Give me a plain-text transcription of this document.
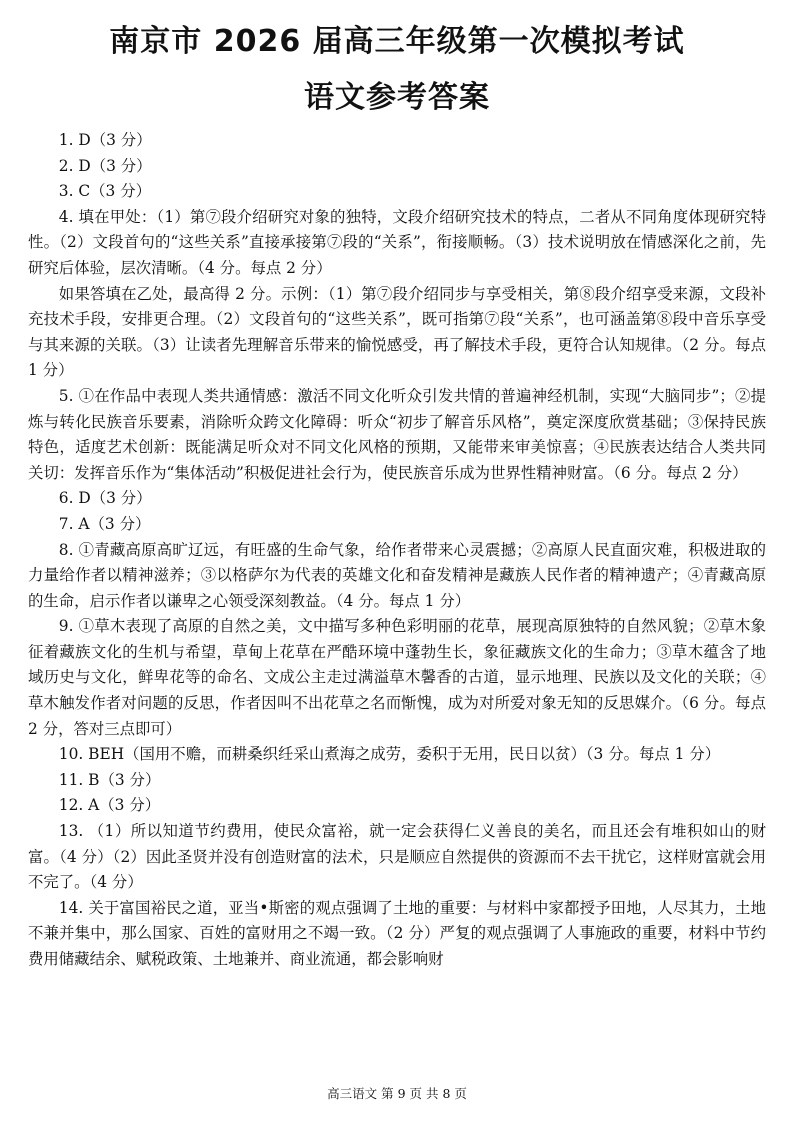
南京市 2026 届高三年级第一次模拟考试
语文参考答案

1. D（3 分）

2. D（3 分）

3. C（3 分）

4. 填在甲处：（1）第⑦段介绍研究对象的独特，文段介绍研究技术的特点，二者从不同角度体现研究特性。（2）文段首句的“这些关系”直接承接第⑦段的“关系”，衔接顺畅。（3）技术说明放在情感深化之前，先研究后体验，层次清晰。（4 分。每点 2 分）

如果答填在乙处，最高得 2 分。示例：（1）第⑦段介绍同步与享受相关，第⑧段介绍享受来源，文段补充技术手段，安排更合理。（2）文段首句的“这些关系”，既可指第⑦段“关系”，也可涵盖第⑧段中音乐享受与其来源的关联。（3）让读者先理解音乐带来的愉悦感受，再了解技术手段，更符合认知规律。（2 分。每点 1 分）

5. ①在作品中表现人类共通情感：激活不同文化听众引发共情的普遍神经机制，实现“大脑同步”；②提炼与转化民族音乐要素，消除听众跨文化障碍：听众“初步了解音乐风格”，奠定深度欣赏基础；③保持民族特色，适度艺术创新：既能满足听众对不同文化风格的预期，又能带来审美惊喜；④民族表达结合人类共同关切：发挥音乐作为“集体活动”积极促进社会行为，使民族音乐成为世界性精神财富。（6 分。每点 2 分）

6. D（3 分）

7. A（3 分）

8. ①青藏高原高旷辽远，有旺盛的生命气象，给作者带来心灵震撼；②高原人民直面灾难，积极进取的力量给作者以精神滋养；③以格萨尔为代表的英雄文化和奋发精神是藏族人民作者的精神遗产；④青藏高原的生命，启示作者以谦卑之心领受深刻教益。（4 分。每点 1 分）

9. ①草木表现了高原的自然之美，文中描写多种色彩明丽的花草，展现高原独特的自然风貌；②草木象征着藏族文化的生机与希望，草甸上花草在严酷环境中蓬勃生长，象征藏族文化的生命力；③草木蕴含了地域历史与文化，鲜卑花等的命名、文成公主走过满溢草木馨香的古道，显示地理、民族以及文化的关联；④草木触发作者对问题的反思，作者因叫不出花草之名而惭愧，成为对所爱对象无知的反思媒介。（6 分。每点 2 分，答对三点即可）

10. BEH（国用不赡，而耕桑织纴采山煮海之成劳，委积于无用，民日以贫）（3 分。每点 1 分）

11. B（3 分）

12. A（3 分）

13. （1）所以知道节约费用，使民众富裕，就一定会获得仁义善良的美名，而且还会有堆积如山的财富。（4 分）（2）因此圣贤并没有创造财富的法术，只是顺应自然提供的资源而不去干扰它，这样财富就会用不完了。（4 分）

14. 关于富国裕民之道，亚当•斯密的观点强调了土地的重要：与材料中家都授予田地，人尽其力，土地不兼并集中，那么国家、百姓的富财用之不竭一致。（2 分）严复的观点强调了人事施政的重要，材料中节约费用储藏结余、赋税政策、土地兼并、商业流通，都会影响财

高三语文 第 9 页 共 8 页
